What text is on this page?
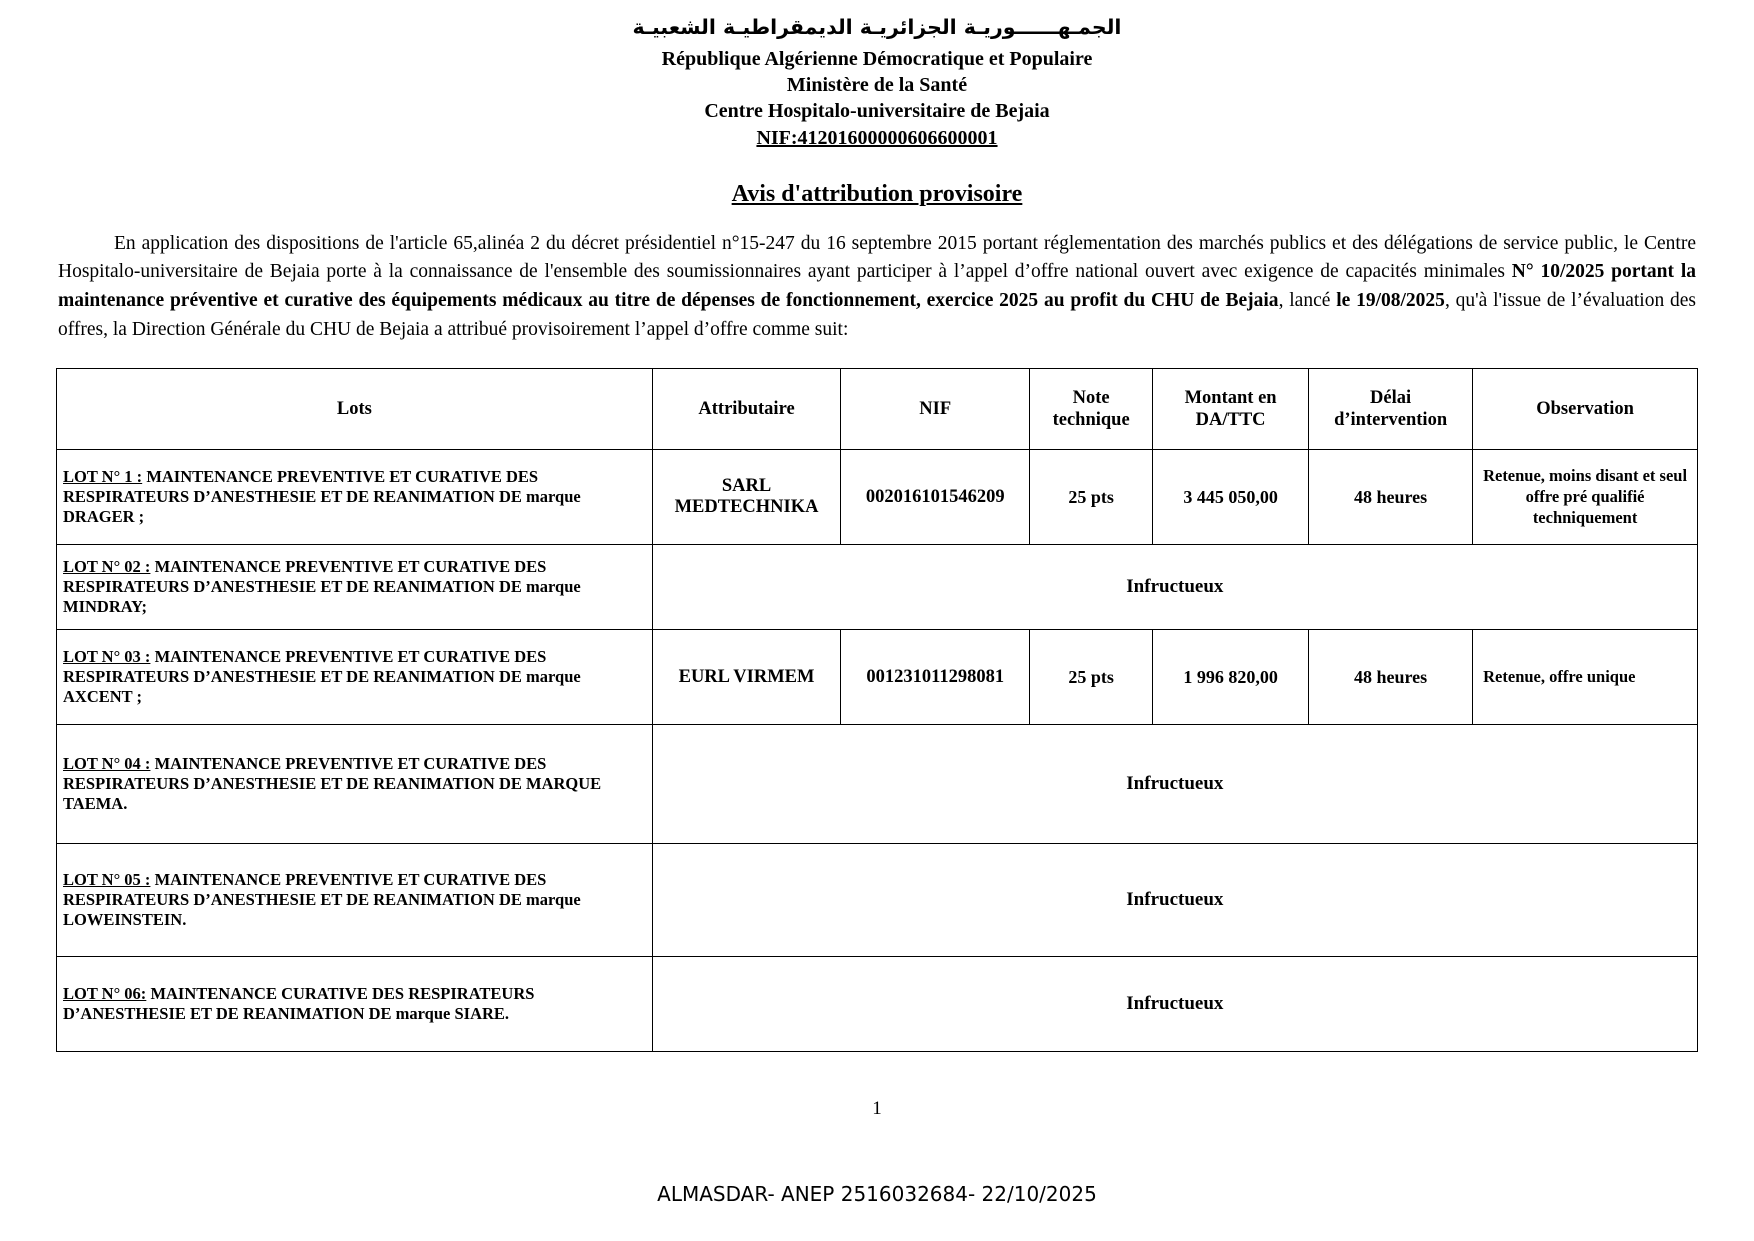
الجمـهــــــوريـة الجزائريـة الديمقراطيـة الشعبيـة
République Algérienne Démocratique et Populaire
Ministère de la Santé
Centre Hospitalo-universitaire de Bejaia
NIF:41201600000606600001
Avis d'attribution provisoire

En application des dispositions de l'article 65,alinéa 2 du décret présidentiel n°15-247 du 16 septembre 2015 portant réglementation des marchés publics et des délégations de service public, le Centre Hospitalo-universitaire de Bejaia porte à la connaissance de l'ensemble des soumissionnaires ayant participer à l’appel d’offre national ouvert avec exigence de capacités minimales N° 10/2025 portant la maintenance préventive et curative des équipements médicaux au titre de dépenses de fonctionnement, exercice 2025 au profit du CHU de Bejaia, lancé le 19/08/2025, qu'à l'issue de l’évaluation des offres, la Direction Générale du CHU de Bejaia a attribué provisoirement l’appel d’offre comme suit:

Lots	Attributaire	NIF	Note technique	Montant en DA/TTC	Délai d’intervention	Observation
LOT N° 1 : MAINTENANCE PREVENTIVE ET CURATIVE DES RESPIRATEURS D’ANESTHESIE ET DE REANIMATION DE marque DRAGER ;	SARL MEDTECHNIKA	002016101546209	25 pts	3 445 050,00	48 heures	Retenue, moins disant et seul offre pré qualifié techniquement
LOT N° 02 : MAINTENANCE PREVENTIVE ET CURATIVE DES RESPIRATEURS D’ANESTHESIE ET DE REANIMATION DE marque MINDRAY;	Infructueux					
LOT N° 03 : MAINTENANCE PREVENTIVE ET CURATIVE DES RESPIRATEURS D’ANESTHESIE ET DE REANIMATION DE marque AXCENT ;	EURL VIRMEM	001231011298081	25 pts	1 996 820,00	48 heures	Retenue, offre unique
LOT N° 04 : MAINTENANCE PREVENTIVE ET CURATIVE DES RESPIRATEURS D’ANESTHESIE ET DE REANIMATION DE MARQUE TAEMA.	Infructueux					
LOT N° 05 : MAINTENANCE PREVENTIVE ET CURATIVE DES RESPIRATEURS D’ANESTHESIE ET DE REANIMATION DE marque LOWEINSTEIN.	Infructueux					
LOT N° 06: MAINTENANCE CURATIVE DES RESPIRATEURS D’ANESTHESIE ET DE REANIMATION DE marque SIARE.	Infructueux					
1
ALMASDAR- ANEP 2516032684- 22/10/2025
